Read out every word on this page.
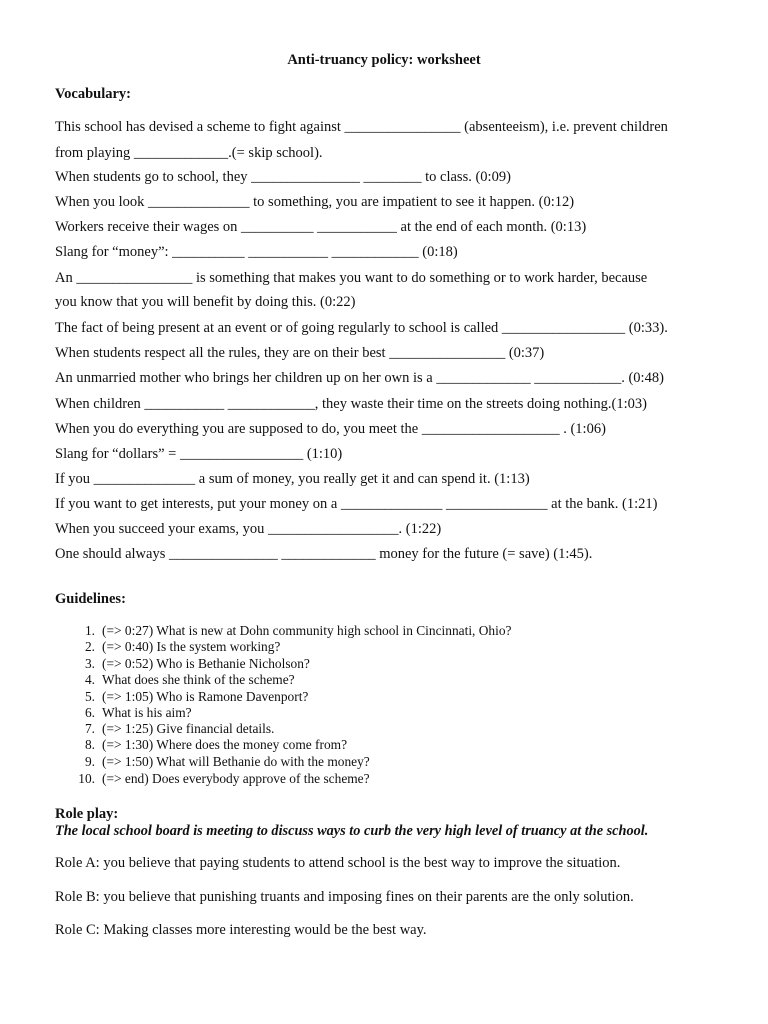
Anti-truancy policy: worksheet
Vocabulary:
This school has devised a scheme to fight against ________________ (absenteeism), i.e. prevent children
from playing _____________.(= skip school).
When students go to school, they _______________ ________ to class. (0:09)
When you look ______________ to something, you are impatient to see it happen. (0:12)
Workers receive their wages on __________ ___________ at the end of each month. (0:13)
Slang for “money”: __________ ___________ ____________ (0:18)
An ________________ is something that makes you want to do something or to work harder, because
you know that you will benefit by doing this. (0:22)
The fact of being present at an event or of going regularly to school is called _________________ (0:33).
When students respect all the rules, they are on their best ________________ (0:37)
An unmarried mother who brings her children up on her own is a _____________ ____________. (0:48)
When children ___________ ____________, they waste their time on the streets doing nothing.(1:03)
When you do everything you are supposed to do, you meet the ___________________ . (1:06)
Slang for “dollars” = _________________ (1:10)
If you ______________ a sum of money, you really get it and can spend it. (1:13)
If you want to get interests, put your money on a ______________ ______________ at the bank. (1:21)
When you succeed your exams, you __________________. (1:22)
One should always _______________ _____________ money for the future (= save) (1:45).
Guidelines:
1. (=> 0:27) What is new at Dohn community high school in Cincinnati, Ohio?
2. (=> 0:40) Is the system working?
3. (=> 0:52) Who is Bethanie Nicholson?
4. What does she think of the scheme?
5. (=> 1:05) Who is Ramone Davenport?
6. What is his aim?
7. (=> 1:25) Give financial details.
8. (=> 1:30) Where does the money come from?
9. (=> 1:50) What will Bethanie do with the money?
10. (=> end) Does everybody approve of the scheme?
Role play:
The local school board is meeting to discuss ways to curb the very high level of truancy at the school.
Role A: you believe that paying students to attend school is the best way to improve the situation.
Role B: you believe that punishing truants and imposing fines on their parents are the only solution.
Role C: Making classes more interesting would be the best way.
